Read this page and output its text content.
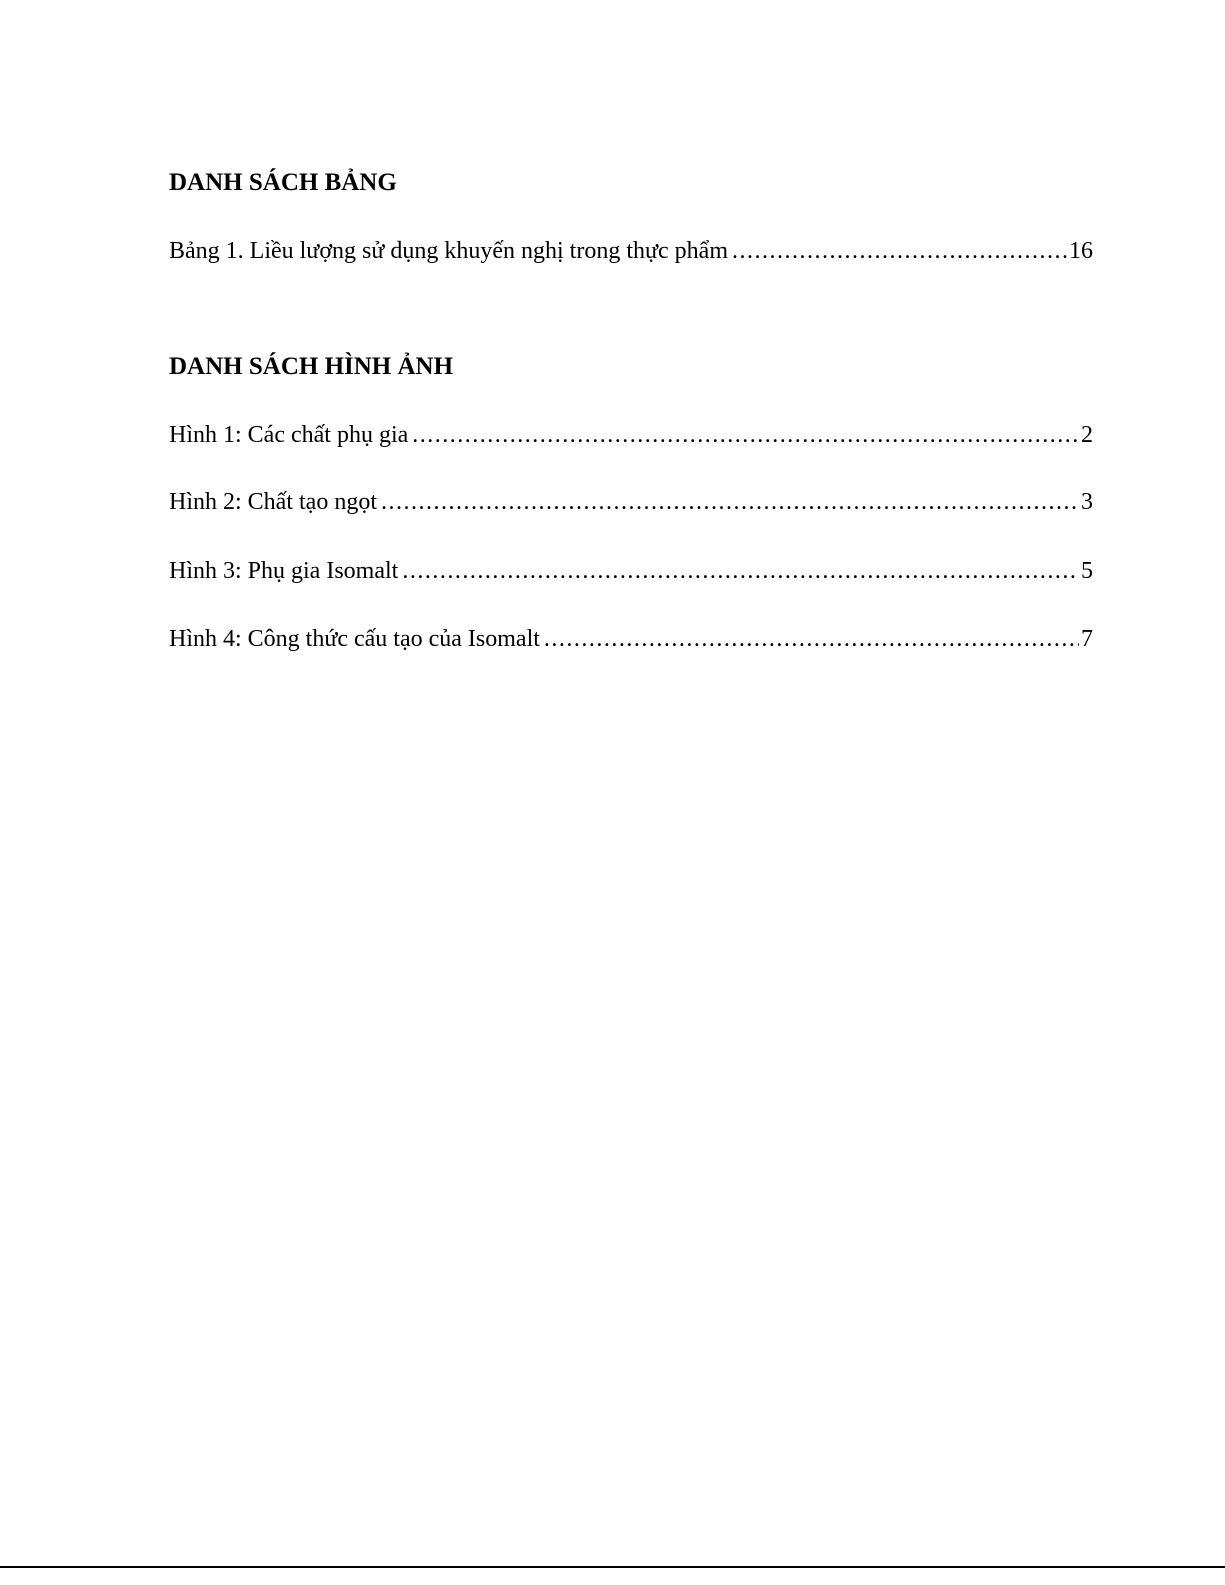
DANH SÁCH BẢNG
Bảng 1. Liều lượng sử dụng khuyến nghị trong thực phẩm .....	16
DANH SÁCH HÌNH ẢNH
Hình 1: Các chất phụ gia .....	2
Hình 2: Chất tạo ngọt .....	3
Hình 3: Phụ gia Isomalt .....	5
Hình 4: Công thức cấu tạo của Isomalt .....	7
